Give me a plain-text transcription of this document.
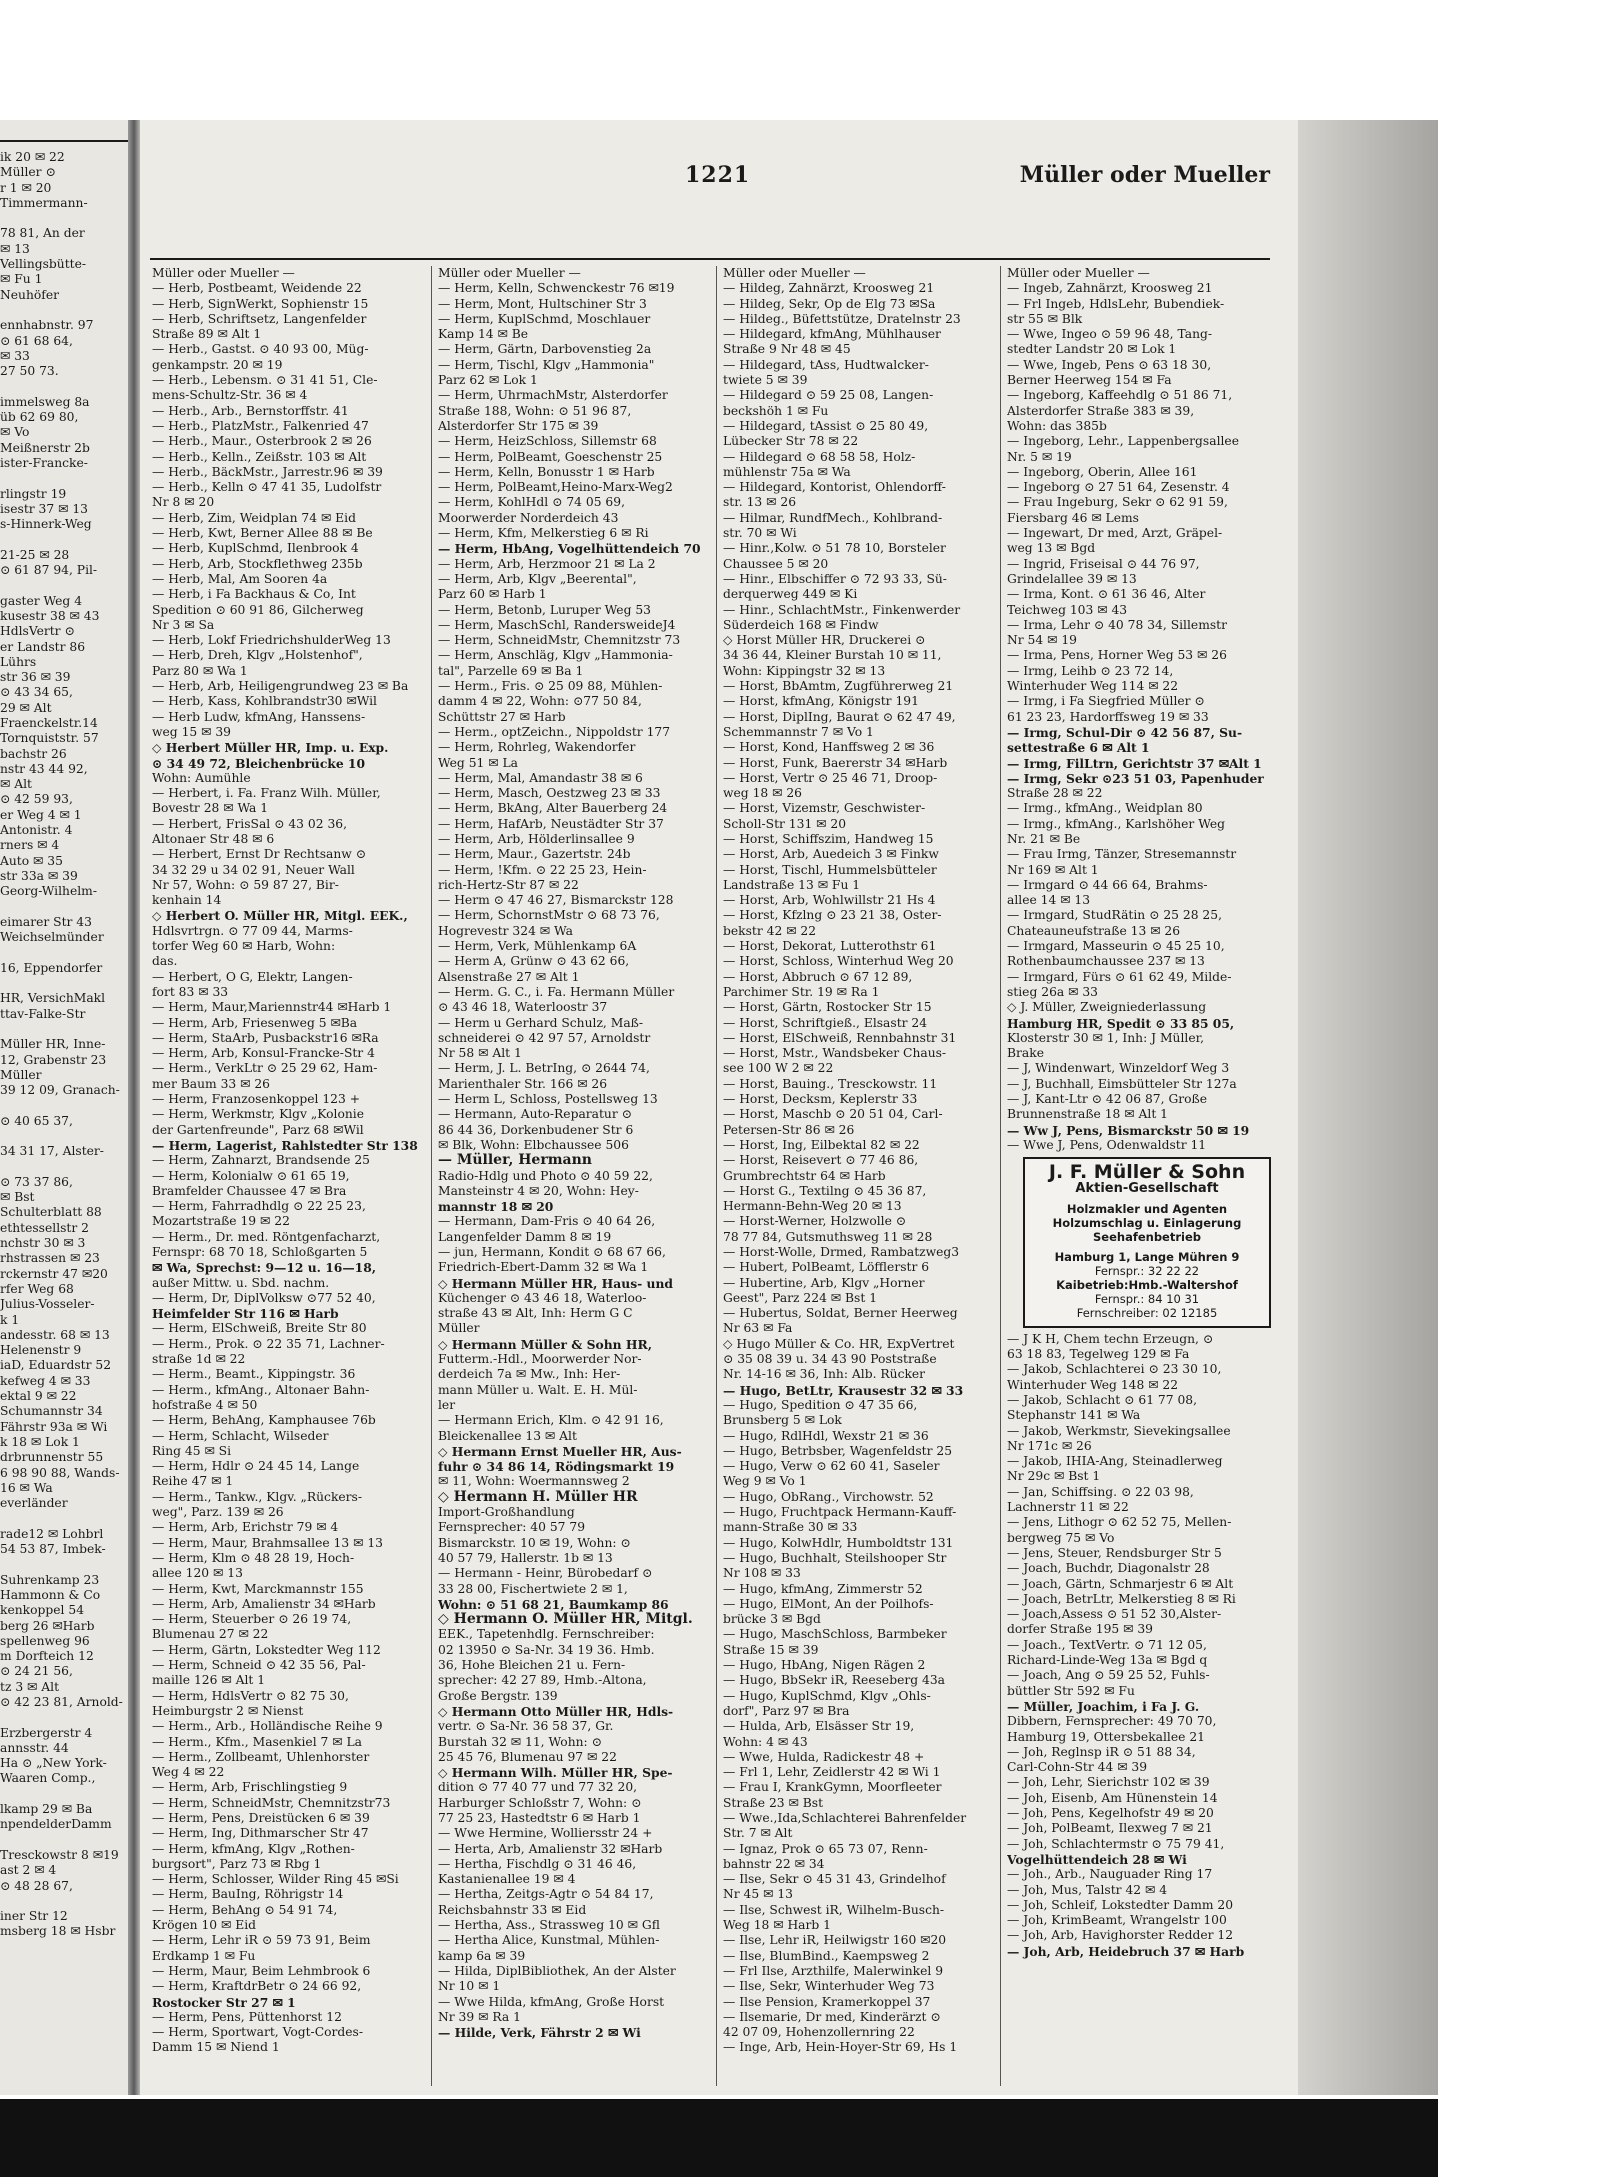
ik 20 ✉ 22

Müller ⊙

r 1 ✉ 20

Timmermann-

78 81, An der

✉ 13

Vellingsbütte-

✉ Fu 1

Neuhöfer

ennhabnstr. 97

⊙ 61 68 64,

✉ 33

27 50 73.

immelsweg 8a

üb 62 69 80,

✉ Vo

Meißnerstr 2b

ister-Francke-

rlingstr 19

isestr 37 ✉ 13

s-Hinnerk-Weg

21-25 ✉ 28

⊙ 61 87 94, Pil-

gaster Weg 4

kusestr 38 ✉ 43

HdlsVertr ⊙

er Landstr 86

Lührs

str 36 ✉ 39

⊙ 43 34 65,

29 ✉ Alt

Fraenckelstr.14

Tornquiststr. 57

bachstr 26

nstr 43 44 92,

✉ Alt

⊙ 42 59 93,

er Weg 4 ✉ 1

Antonistr. 4

rners ✉ 4

Auto ✉ 35

str 33a ✉ 39

Georg-Wilhelm-

eimarer Str 43

Weichselmünder

16, Eppendorfer

HR, VersichMakl

ttav-Falke-Str

Müller HR, Inne-

12, Grabenstr 23

Müller

39 12 09, Granach-

⊙ 40 65 37,

34 31 17, Alster-

⊙ 73 37 86,

✉ Bst

Schulterblatt 88

ethtessellstr 2

nchstr 30 ✉ 3

rhstrassen ✉ 23

rckernstr 47 ✉20

rfer Weg 68

Julius-Vosseler-

k 1

andesstr. 68 ✉ 13

Helenenstr 9

iaD, Eduardstr 52

kefweg 4 ✉ 33

ektal 9 ✉ 22

Schumannstr 34

Fährstr 93a ✉ Wi

k 18 ✉ Lok 1

drbrunnenstr 55

6 98 90 88, Wands-

16 ✉ Wa

everländer

rade12 ✉ Lohbrl

54 53 87, Imbek-

Suhrenkamp 23

Hammonn & Co

kenkoppel 54

berg 26 ✉Harb

spellenweg 96

m Dorfteich 12

⊙ 24 21 56,

tz 3 ✉ Alt

⊙ 42 23 81, Arnold-

Erzbergerstr 4

annsstr. 44

Ha ⊙ „New York-

Waaren Comp.,

lkamp 29 ✉ Ba

npendelderDamm

Tresckowstr 8 ✉19

ast 2 ✉ 4

⊙ 48 28 67,

iner Str 12

msberg 18 ✉ Hsbr

1221	Müller oder Mueller

Müller oder Mueller —

— Herb, Postbeamt, Weidende 22

— Herb, SignWerkt, Sophienstr 15

— Herb, Schriftsetz, Langenfelder

Straße 89 ✉ Alt 1

— Herb., Gastst. ⊙ 40 93 00, Müg-

genkampstr. 20 ✉ 19

— Herb., Lebensm. ⊙ 31 41 51, Cle-

mens-Schultz-Str. 36 ✉ 4

— Herb., Arb., Bernstorffstr. 41

— Herb., PlatzMstr., Falkenried 47

— Herb., Maur., Osterbrook 2 ✉ 26

— Herb., Kelln., Zeißstr. 103 ✉ Alt

— Herb., BäckMstr., Jarrestr.96 ✉ 39

— Herb., Kelln ⊙ 47 41 35, Ludolfstr

Nr 8 ✉ 20

— Herb, Zim, Weidplan 74 ✉ Eid

— Herb, Kwt, Berner Allee 88 ✉ Be

— Herb, KuplSchmd, Ilenbrook 4

— Herb, Arb, Stockflethweg 235b

— Herb, Mal, Am Sooren 4a

— Herb, i Fa Backhaus & Co, Int

Spedition ⊙ 60 91 86, Gilcherweg

Nr 3 ✉ Sa

— Herb, Lokf FriedrichshulderWeg 13

— Herb, Dreh, Klgv „Holstenhof",

Parz 80 ✉ Wa 1

— Herb, Arb, Heiligengrundweg 23 ✉ Ba

— Herb, Kass, Kohlbrandstr30 ✉Wil

— Herb Ludw, kfmAng, Hanssens-

weg 15 ✉ 39

◇ Herbert Müller HR, Imp. u. Exp.

⊙ 34 49 72, Bleichenbrücke 10

Wohn: Aumühle

— Herbert, i. Fa. Franz Wilh. Müller,

Bovestr 28 ✉ Wa 1

— Herbert, FrisSal ⊙ 43 02 36,

Altonaer Str 48 ✉ 6

— Herbert, Ernst Dr Rechtsanw ⊙

34 32 29 u 34 02 91, Neuer Wall

Nr 57, Wohn: ⊙ 59 87 27, Bir-

kenhain 14

◇ Herbert O. Müller HR, Mitgl. EEK.,

Hdlsvrtrgn. ⊙ 77 09 44, Marms-

torfer Weg 60 ✉ Harb, Wohn:

das.

— Herbert, O G, Elektr, Langen-

fort 83 ✉ 33

— Herm, Maur,Mariennstr44 ✉Harb 1

— Herm, Arb, Friesenweg 5 ✉Ba

— Herm, StaArb, Pusbackstr16 ✉Ra

— Herm, Arb, Konsul-Francke-Str 4

— Herm., VerkLtr ⊙ 25 29 62, Ham-

mer Baum 33 ✉ 26

— Herm, Franzosenkoppel 123 +

— Herm, Werkmstr, Klgv „Kolonie

der Gartenfreunde", Parz 68 ✉Wil

— Herm, Lagerist, Rahlstedter Str 138

— Herm, Zahnarzt, Brandsende 25

— Herm, Kolonialw ⊙ 61 65 19,

Bramfelder Chaussee 47 ✉ Bra

— Herm, Fahrradhdlg ⊙ 22 25 23,

Mozartstraße 19 ✉ 22

— Herm., Dr. med. Röntgenfacharzt,

Fernspr: 68 70 18, Schloßgarten 5

✉ Wa, Sprechst: 9—12 u. 16—18,

außer Mittw. u. Sbd. nachm.

— Herm, Dr, DiplVolksw ⊙77 52 40,

Heimfelder Str 116 ✉ Harb

— Herm, ElSchweiß, Breite Str 80

— Herm., Prok. ⊙ 22 35 71, Lachner-

straße 1d ✉ 22

— Herm., Beamt., Kippingstr. 36

— Herm., kfmAng., Altonaer Bahn-

hofstraße 4 ✉ 50

— Herm, BehAng, Kamphausee 76b

— Herm, Schlacht, Wilseder

Ring 45 ✉ Si

— Herm, Hdlr ⊙ 24 45 14, Lange

Reihe 47 ✉ 1

— Herm., Tankw., Klgv. „Rückers-

weg", Parz. 139 ✉ 26

— Herm, Arb, Erichstr 79 ✉ 4

— Herm, Maur, Brahmsallee 13 ✉ 13

— Herm, Klm ⊙ 48 28 19, Hoch-

allee 120 ✉ 13

— Herm, Kwt, Marckmannstr 155

— Herm, Arb, Amalienstr 34 ✉Harb

— Herm, Steuerber ⊙ 26 19 74,

Blumenau 27 ✉ 22

— Herm, Gärtn, Lokstedter Weg 112

— Herm, Schneid ⊙ 42 35 56, Pal-

maille 126 ✉ Alt 1

— Herm, HdlsVertr ⊙ 82 75 30,

Heimburgstr 2 ✉ Nienst

— Herm., Arb., Holländische Reihe 9

— Herm., Kfm., Masenkiel 7 ✉ La

— Herm., Zollbeamt, Uhlenhorster

Weg 4 ✉ 22

— Herm, Arb, Frischlingstieg 9

— Herm, SchneidMstr, Chemnitzstr73

— Herm, Pens, Dreistücken 6 ✉ 39

— Herm, Ing, Dithmarscher Str 47

— Herm, kfmAng, Klgv „Rothen-

burgsort", Parz 73 ✉ Rbg 1

— Herm, Schlosser, Wilder Ring 45 ✉Si

— Herm, BauIng, Röhrigstr 14

— Herm, BehAng ⊙ 54 91 74,

Krögen 10 ✉ Eid

— Herm, Lehr iR ⊙ 59 73 91, Beim

Erdkamp 1 ✉ Fu

— Herm, Maur, Beim Lehmbrook 6

— Herm, KraftdrBetr ⊙ 24 66 92,

Rostocker Str 27 ✉ 1

— Herm, Pens, Püttenhorst 12

— Herm, Sportwart, Vogt-Cordes-

Damm 15 ✉ Niend 1

Müller oder Mueller —

— Herm, Kelln, Schwenckestr 76 ✉19

— Herm, Mont, Hultschiner Str 3

— Herm, KuplSchmd, Moschlauer

Kamp 14 ✉ Be

— Herm, Gärtn, Darbovenstieg 2a

— Herm, Tischl, Klgv „Hammonia"

Parz 62 ✉ Lok 1

— Herm, UhrmachMstr, Alsterdorfer

Straße 188, Wohn: ⊙ 51 96 87,

Alsterdorfer Str 175 ✉ 39

— Herm, HeizSchloss, Sillemstr 68

— Herm, PolBeamt, Goeschenstr 25

— Herm, Kelln, Bonusstr 1 ✉ Harb

— Herm, PolBeamt,Heino-Marx-Weg2

— Herm, KohlHdl ⊙ 74 05 69,

Moorwerder Norderdeich 43

— Herm, Kfm, Melkerstieg 6 ✉ Ri

— Herm, HbAng, Vogelhüttendeich 70

— Herm, Arb, Herzmoor 21 ✉ La 2

— Herm, Arb, Klgv „Beerental",

Parz 60 ✉ Harb 1

— Herm, Betonb, Luruper Weg 53

— Herm, MaschSchl, RandersweideJ4

— Herm, SchneidMstr, Chemnitzstr 73

— Herm, Anschläg, Klgv „Hammonia-

tal", Parzelle 69 ✉ Ba 1

— Herm., Fris. ⊙ 25 09 88, Mühlen-

damm 4 ✉ 22, Wohn: ⊙77 50 84,

Schüttstr 27 ✉ Harb

— Herm., optZeichn., Nippoldstr 177

— Herm, Rohrleg, Wakendorfer

Weg 51 ✉ La

— Herm, Mal, Amandastr 38 ✉ 6

— Herm, Masch, Oestzweg 23 ✉ 33

— Herm, BkAng, Alter Bauerberg 24

— Herm, HafArb, Neustädter Str 37

— Herm, Arb, Hölderlinsallee 9

— Herm, Maur., Gazertstr. 24b

— Herm, !Kfm. ⊙ 22 25 23, Hein-

rich-Hertz-Str 87 ✉ 22

— Herm ⊙ 47 46 27, Bismarckstr 128

— Herm, SchornstMstr ⊙ 68 73 76,

Hogrevestr 324 ✉ Wa

— Herm, Verk, Mühlenkamp 6A

— Herm A, Grünw ⊙ 43 62 66,

Alsenstraße 27 ✉ Alt 1

— Herm. G. C., i. Fa. Hermann Müller

⊙ 43 46 18, Waterloostr 37

— Herm u Gerhard Schulz, Maß-

schneiderei ⊙ 42 97 57, Arnoldstr

Nr 58 ✉ Alt 1

— Herm, J. L. BetrIng, ⊙ 2644 74,

Marienthaler Str. 166 ✉ 26

— Herm L, Schloss, Postellsweg 13

— Hermann, Auto-Reparatur ⊙

86 44 36, Dorkenbudener Str 6

✉ Blk, Wohn: Elbchaussee 506

— Müller, Hermann

Radio-Hdlg und Photo ⊙ 40 59 22,

Mansteinstr 4 ✉ 20, Wohn: Hey-

mannstr 18 ✉ 20

— Hermann, Dam-Fris ⊙ 40 64 26,

Langenfelder Damm 8 ✉ 19

— jun, Hermann, Kondit ⊙ 68 67 66,

Friedrich-Ebert-Damm 32 ✉ Wa 1

◇ Hermann Müller HR, Haus- und

Küchenger ⊙ 43 46 18, Waterloo-

straße 43 ✉ Alt, Inh: Herm G C

Müller

◇ Hermann Müller & Sohn HR,

Futterm.-Hdl., Moorwerder Nor-

derdeich 7a ✉ Mw., Inh: Her-

mann Müller u. Walt. E. H. Mül-

ler

— Hermann Erich, Klm. ⊙ 42 91 16,

Bleickenallee 13 ✉ Alt

◇ Hermann Ernst Mueller HR, Aus-

fuhr ⊙ 34 86 14, Rödingsmarkt 19

✉ 11, Wohn: Woermannsweg 2

◇ Hermann H. Müller HR

Import-Großhandlung

Fernsprecher: 40 57 79

Bismarckstr. 10 ✉ 19, Wohn: ⊙

40 57 79, Hallerstr. 1b ✉ 13

— Hermann - Heinr, Bürobedarf ⊙

33 28 00, Fischertwiete 2 ✉ 1,

Wohn: ⊙ 51 68 21, Baumkamp 86

◇ Hermann O. Müller HR, Mitgl.

EEK., Tapetenhdlg. Fernschreiber:

02 13950 ⊙ Sa-Nr. 34 19 36. Hmb.

36, Hohe Bleichen 21 u. Fern-

sprecher: 42 27 89, Hmb.-Altona,

Große Bergstr. 139

◇ Hermann Otto Müller HR, Hdls-

vertr. ⊙ Sa-Nr. 36 58 37, Gr.

Burstah 32 ✉ 11, Wohn: ⊙

25 45 76, Blumenau 97 ✉ 22

◇ Hermann Wilh. Müller HR, Spe-

dition ⊙ 77 40 77 und 77 32 20,

Harburger Schloßstr 7, Wohn: ⊙

77 25 23, Hastedtstr 6 ✉ Harb 1

— Wwe Hermine, Wolliersstr 24 +

— Herta, Arb, Amalienstr 32 ✉Harb

— Hertha, Fischdlg ⊙ 31 46 46,

Kastanienallee 19 ✉ 4

— Hertha, Zeitgs-Agtr ⊙ 54 84 17,

Reichsbahnstr 33 ✉ Eid

— Hertha, Ass., Strassweg 10 ✉ Gfl

— Hertha Alice, Kunstmal, Mühlen-

kamp 6a ✉ 39

— Hilda, DiplBibliothek, An der Alster

Nr 10 ✉ 1

— Wwe Hilda, kfmAng, Große Horst

Nr 39 ✉ Ra 1

— Hilde, Verk, Fährstr 2 ✉ Wi

Müller oder Mueller —

— Hildeg, Zahnärzt, Kroosweg 21

— Hildeg, Sekr, Op de Elg 73 ✉Sa

— Hildeg., Büfettstütze, Dratelnstr 23

— Hildegard, kfmAng, Mühlhauser

Straße 9 Nr 48 ✉ 45

— Hildegard, tAss, Hudtwalcker-

twiete 5 ✉ 39

— Hildegard ⊙ 59 25 08, Langen-

beckshöh 1 ✉ Fu

— Hildegard, tAssist ⊙ 25 80 49,

Lübecker Str 78 ✉ 22

— Hildegard ⊙ 68 58 58, Holz-

mühlenstr 75a ✉ Wa

— Hildegard, Kontorist, Ohlendorff-

str. 13 ✉ 26

— Hilmar, RundfMech., Kohlbrand-

str. 70 ✉ Wi

— Hinr.,Kolw. ⊙ 51 78 10, Borsteler

Chaussee 5 ✉ 20

— Hinr., Elbschiffer ⊙ 72 93 33, Sü-

derquerweg 449 ✉ Ki

— Hinr., SchlachtMstr., Finkenwerder

Süderdeich 168 ✉ Findw

◇ Horst Müller HR, Druckerei ⊙

34 36 44, Kleiner Burstah 10 ✉ 11,

Wohn: Kippingstr 32 ✉ 13

— Horst, BbAmtm, Zugführerweg 21

— Horst, kfmAng, Königstr 191

— Horst, DiplIng, Baurat ⊙ 62 47 49,

Schemmannstr 7 ✉ Vo 1

— Horst, Kond, Hanffsweg 2 ✉ 36

— Horst, Funk, Baererstr 34 ✉Harb

— Horst, Vertr ⊙ 25 46 71, Droop-

weg 18 ✉ 26

— Horst, Vizemstr, Geschwister-

Scholl-Str 131 ✉ 20

— Horst, Schiffszim, Handweg 15

— Horst, Arb, Auedeich 3 ✉ Finkw

— Horst, Tischl, Hummelsbütteler

Landstraße 13 ✉ Fu 1

— Horst, Arb, Wohlwillstr 21 Hs 4

— Horst, Kfzlng ⊙ 23 21 38, Oster-

bekstr 42 ✉ 22

— Horst, Dekorat, Lutterothstr 61

— Horst, Schloss, Winterhud Weg 20

— Horst, Abbruch ⊙ 67 12 89,

Parchimer Str. 19 ✉ Ra 1

— Horst, Gärtn, Rostocker Str 15

— Horst, Schriftgieß., Elsastr 24

— Horst, ElSchweiß, Rennbahnstr 31

— Horst, Mstr., Wandsbeker Chaus-

see 100 W 2 ✉ 22

— Horst, Bauing., Tresckowstr. 11

— Horst, Decksm, Keplerstr 33

— Horst, Maschb ⊙ 20 51 04, Carl-

Petersen-Str 86 ✉ 26

— Horst, Ing, Eilbektal 82 ✉ 22

— Horst, Reisevert ⊙ 77 46 86,

Grumbrechtstr 64 ✉ Harb

— Horst G., Textilng ⊙ 45 36 87,

Hermann-Behn-Weg 20 ✉ 13

— Horst-Werner, Holzwolle ⊙

78 77 84, Gutsmuthsweg 11 ✉ 28

— Horst-Wolle, Drmed, Rambatzweg3

— Hubert, PolBeamt, Löfflerstr 6

— Hubertine, Arb, Klgv „Horner

Geest", Parz 224 ✉ Bst 1

— Hubertus, Soldat, Berner Heerweg

Nr 63 ✉ Fa

◇ Hugo Müller & Co. HR, ExpVertret

⊙ 35 08 39 u. 34 43 90 Poststraße

Nr. 14-16 ✉ 36, Inh: Alb. Rücker

— Hugo, BetLtr, Krausestr 32 ✉ 33

— Hugo, Spedition ⊙ 47 35 66,

Brunsberg 5 ✉ Lok

— Hugo, RdlHdl, Wexstr 21 ✉ 36

— Hugo, Betrbsber, Wagenfeldstr 25

— Hugo, Verw ⊙ 62 60 41, Saseler

Weg 9 ✉ Vo 1

— Hugo, ObRang., Virchowstr. 52

— Hugo, Fruchtpack Hermann-Kauff-

mann-Straße 30 ✉ 33

— Hugo, KolwHdlr, Humboldtstr 131

— Hugo, Buchhalt, Steilshooper Str

Nr 108 ✉ 33

— Hugo, kfmAng, Zimmerstr 52

— Hugo, ElMont, An der Poilhofs-

brücke 3 ✉ Bgd

— Hugo, MaschSchloss, Barmbeker

Straße 15 ✉ 39

— Hugo, HbAng, Nigen Rägen 2

— Hugo, BbSekr iR, Reeseberg 43a

— Hugo, KuplSchmd, Klgv „Ohls-

dorf", Parz 97 ✉ Bra

— Hulda, Arb, Elsässer Str 19,

Wohn: 4 ✉ 43

— Wwe, Hulda, Radickestr 48 +

— Frl 1, Lehr, Zeidlerstr 42 ✉ Wi 1

— Frau I, KrankGymn, Moorfleeter

Straße 23 ✉ Bst

— Wwe.,Ida,Schlachterei Bahrenfelder

Str. 7 ✉ Alt

— Ignaz, Prok ⊙ 65 73 07, Renn-

bahnstr 22 ✉ 34

— Ilse, Sekr ⊙ 45 31 43, Grindelhof

Nr 45 ✉ 13

— Ilse, Schwest iR, Wilhelm-Busch-

Weg 18 ✉ Harb 1

— Ilse, Lehr iR, Heilwigstr 160 ✉20

— Ilse, BlumBind., Kaempsweg 2

— Frl Ilse, Arzthilfe, Malerwinkel 9

— Ilse, Sekr, Winterhuder Weg 73

— Ilse Pension, Kramerkoppel 37

— Ilsemarie, Dr med, Kinderärzt ⊙

42 07 09, Hohenzollernring 22

— Inge, Arb, Hein-Hoyer-Str 69, Hs 1

Müller oder Mueller —

— Ingeb, Zahnärzt, Kroosweg 21

— Frl Ingeb, HdlsLehr, Bubendiek-

str 55 ✉ Blk

— Wwe, Ingeo ⊙ 59 96 48, Tang-

stedter Landstr 20 ✉ Lok 1

— Wwe, Ingeb, Pens ⊙ 63 18 30,

Berner Heerweg 154 ✉ Fa

— Ingeborg, Kaffeehdlg ⊙ 51 86 71,

Alsterdorfer Straße 383 ✉ 39,

Wohn: das 385b

— Ingeborg, Lehr., Lappenbergsallee

Nr. 5 ✉ 19

— Ingeborg, Oberin, Allee 161

— Ingeborg ⊙ 27 51 64, Zesenstr. 4

— Frau Ingeburg, Sekr ⊙ 62 91 59,

Fiersbarg 46 ✉ Lems

— Ingewart, Dr med, Arzt, Gräpel-

weg 13 ✉ Bgd

— Ingrid, Friseisal ⊙ 44 76 97,

Grindelallee 39 ✉ 13

— Irma, Kont. ⊙ 61 36 46, Alter

Teichweg 103 ✉ 43

— Irma, Lehr ⊙ 40 78 34, Sillemstr

Nr 54 ✉ 19

— Irma, Pens, Horner Weg 53 ✉ 26

— Irmg, Leihb ⊙ 23 72 14,

Winterhuder Weg 114 ✉ 22

— Irmg, i Fa Siegfried Müller ⊙

61 23 23, Hardorffsweg 19 ✉ 33

— Irmg, Schul-Dir ⊙ 42 56 87, Su-

settestraße 6 ✉ Alt 1

— Irmg, FilLtrn, Gerichtstr 37 ✉Alt 1

— Irmg, Sekr ⊙23 51 03, Papenhuder

Straße 28 ✉ 22

— Irmg., kfmAng., Weidplan 80

— Irmg., kfmAng., Karlshöher Weg

Nr. 21 ✉ Be

— Frau Irmg, Tänzer, Stresemannstr

Nr 169 ✉ Alt 1

— Irmgard ⊙ 44 66 64, Brahms-

allee 14 ✉ 13

— Irmgard, StudRätin ⊙ 25 28 25,

Chateauneufstraße 13 ✉ 26

— Irmgard, Masseurin ⊙ 45 25 10,

Rothenbaumchaussee 237 ✉ 13

— Irmgard, Fürs ⊙ 61 62 49, Milde-

stieg 26a ✉ 33

◇ J. Müller, Zweigniederlassung

Hamburg HR, Spedit ⊙ 33 85 05,

Klosterstr 30 ✉ 1, Inh: J Müller,

Brake

— J, Windenwart, Winzeldorf Weg 3

— J, Buchhall, Eimsbütteler Str 127a

— J, Kant-Ltr ⊙ 42 06 87, Große

Brunnenstraße 18 ✉ Alt 1

— Ww J, Pens, Bismarckstr 50 ✉ 19

— Wwe J, Pens, Odenwaldstr 11

J. F. Müller & Sohn
Aktien-Gesellschaft
Holzmakler und Agenten
Holzumschlag u. Einlagerung
Seehafenbetrieb
Hamburg 1, Lange Mühren 9
Fernspr.: 32 22 22
Kaibetrieb:Hmb.-Waltershof
Fernspr.: 84 10 31
Fernschreiber: 02 12185

— J K H, Chem techn Erzeugn, ⊙

63 18 83, Tegelweg 129 ✉ Fa

— Jakob, Schlachterei ⊙ 23 30 10,

Winterhuder Weg 148 ✉ 22

— Jakob, Schlacht ⊙ 61 77 08,

Stephanstr 141 ✉ Wa

— Jakob, Werkmstr, Sievekingsallee

Nr 171c ✉ 26

— Jakob, IHIA-Ang, Steinadlerweg

Nr 29c ✉ Bst 1

— Jan, Schiffsing. ⊙ 22 03 98,

Lachnerstr 11 ✉ 22

— Jens, Lithogr ⊙ 62 52 75, Mellen-

bergweg 75 ✉ Vo

— Jens, Steuer, Rendsburger Str 5

— Joach, Buchdr, Diagonalstr 28

— Joach, Gärtn, Schmarjestr 6 ✉ Alt

— Joach, BetrLtr, Melkerstieg 8 ✉ Ri

— Joach,Assess ⊙ 51 52 30,Alster-

dorfer Straße 195 ✉ 39

— Joach., TextVertr. ⊙ 71 12 05,

Richard-Linde-Weg 13a ✉ Bgd q

— Joach, Ang ⊙ 59 25 52, Fuhls-

büttler Str 592 ✉ Fu

— Müller, Joachim, i Fa J. G.

Dibbern, Fernsprecher: 49 70 70,

Hamburg 19, Ottersbekallee 21

— Joh, Reglnsp iR ⊙ 51 88 34,

Carl-Cohn-Str 44 ✉ 39

— Joh, Lehr, Sierichstr 102 ✉ 39

— Joh, Eisenb, Am Hünenstein 14

— Joh, Pens, Kegelhofstr 49 ✉ 20

— Joh, PolBeamt, Ilexweg 7 ✉ 21

— Joh, Schlachtermstr ⊙ 75 79 41,

Vogelhüttendeich 28 ✉ Wi

— Joh., Arb., Nauguader Ring 17

— Joh, Mus, Talstr 42 ✉ 4

— Joh, Schleif, Lokstedter Damm 20

— Joh, KrimBeamt, Wrangelstr 100

— Joh, Arb, Havighorster Redder 12

— Joh, Arb, Heidebruch 37 ✉ Harb
